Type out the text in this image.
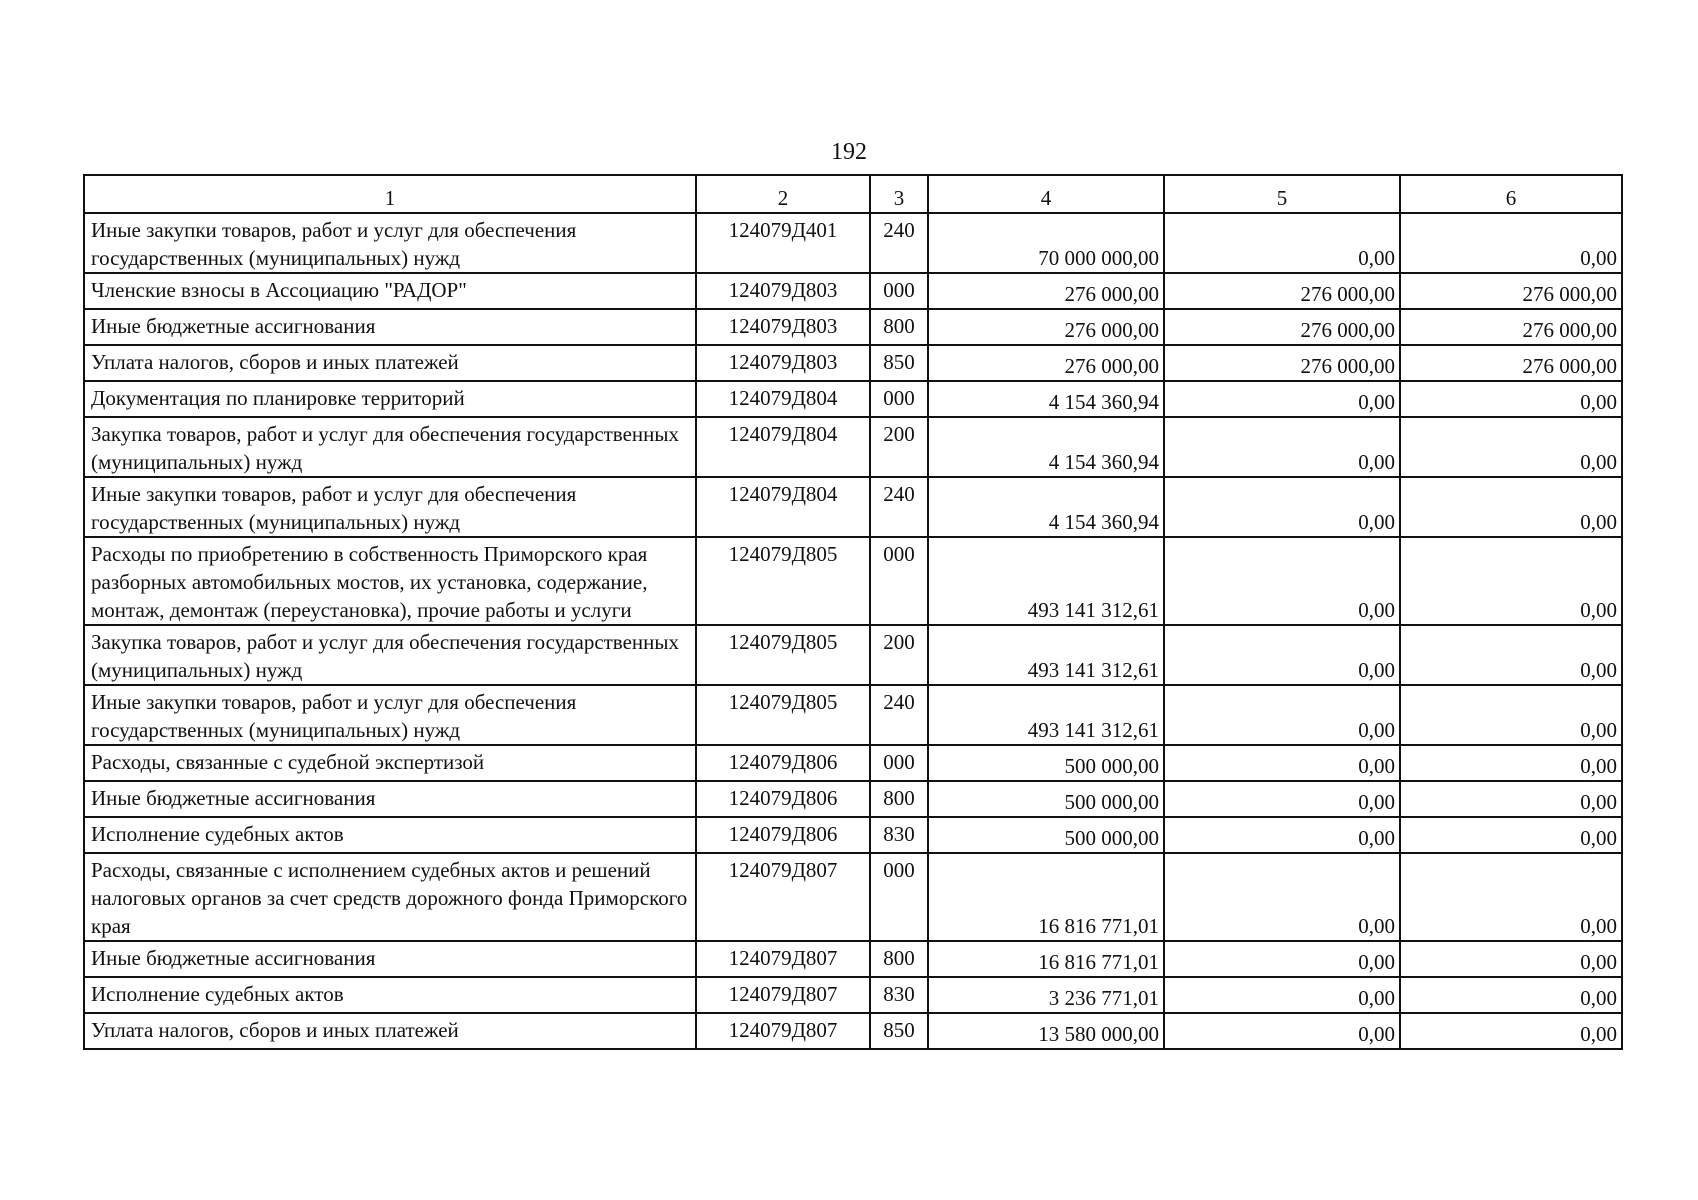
192
1	2	3	4	5	6
Иные закупки товаров, работ и услуг для обеспечения государственных (муниципальных) нужд	124079Д401	240	70 000 000,00	0,00	0,00
Членские взносы в Ассоциацию "РАДОР"	124079Д803	000	276 000,00	276 000,00	276 000,00
Иные бюджетные ассигнования	124079Д803	800	276 000,00	276 000,00	276 000,00
Уплата налогов, сборов и иных платежей	124079Д803	850	276 000,00	276 000,00	276 000,00
Документация по планировке территорий	124079Д804	000	4 154 360,94	0,00	0,00
Закупка товаров, работ и услуг для обеспечения государственных (муниципальных) нужд	124079Д804	200	4 154 360,94	0,00	0,00
Иные закупки товаров, работ и услуг для обеспечения государственных (муниципальных) нужд	124079Д804	240	4 154 360,94	0,00	0,00
Расходы по приобретению в собственность Приморского края разборных автомобильных мостов, их установка, содержание, монтаж, демонтаж (переустановка), прочие работы и услуги	124079Д805	000	493 141 312,61	0,00	0,00
Закупка товаров, работ и услуг для обеспечения государственных (муниципальных) нужд	124079Д805	200	493 141 312,61	0,00	0,00
Иные закупки товаров, работ и услуг для обеспечения государственных (муниципальных) нужд	124079Д805	240	493 141 312,61	0,00	0,00
Расходы, связанные с судебной экспертизой	124079Д806	000	500 000,00	0,00	0,00
Иные бюджетные ассигнования	124079Д806	800	500 000,00	0,00	0,00
Исполнение судебных актов	124079Д806	830	500 000,00	0,00	0,00
Расходы, связанные с исполнением судебных актов и решений налоговых органов за счет средств дорожного фонда Приморского края	124079Д807	000	16 816 771,01	0,00	0,00
Иные бюджетные ассигнования	124079Д807	800	16 816 771,01	0,00	0,00
Исполнение судебных актов	124079Д807	830	3 236 771,01	0,00	0,00
Уплата налогов, сборов и иных платежей	124079Д807	850	13 580 000,00	0,00	0,00
